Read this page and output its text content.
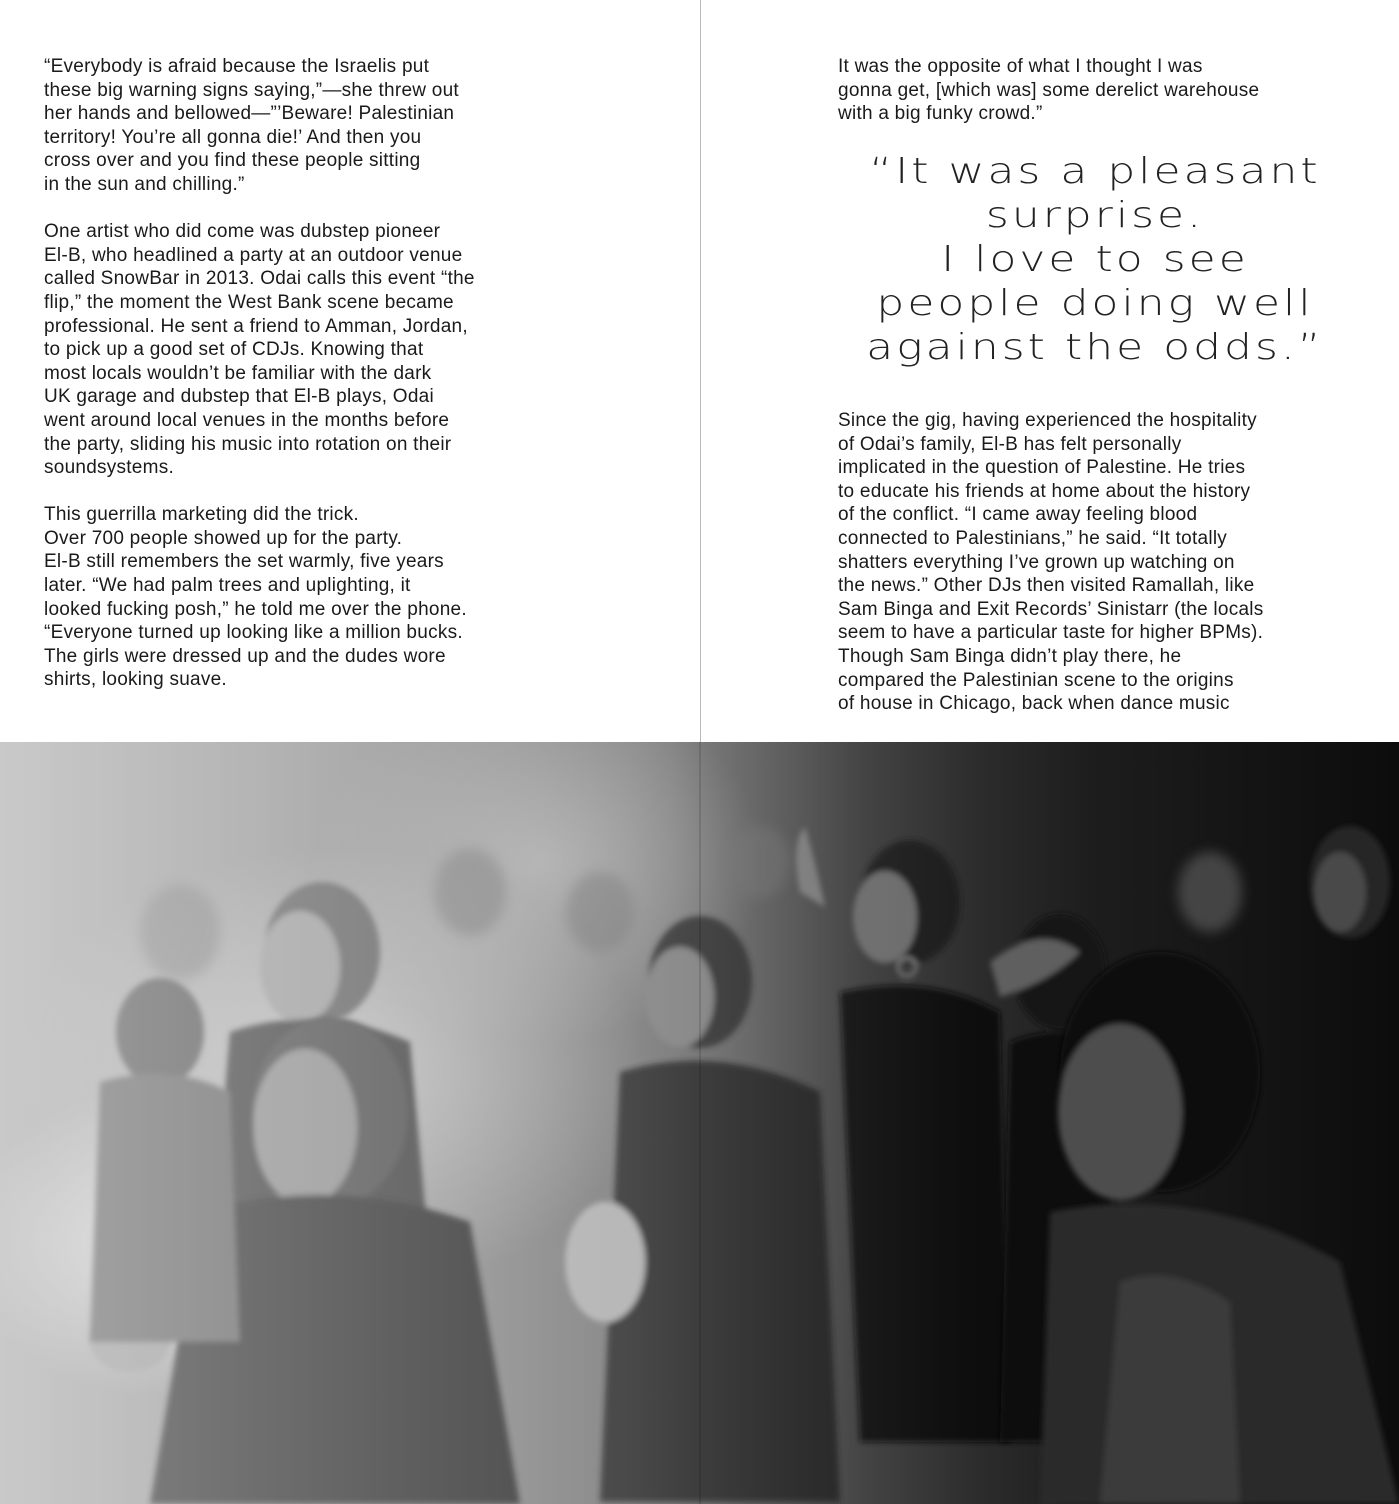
“Everybody is afraid because the Israelis put
these big warning signs saying,”—she threw out
her hands and bellowed—”’Beware! Palestinian
territory! You’re all gonna die!’ And then you
cross over and you find these people sitting
in the sun and chilling.”
One artist who did come was dubstep pioneer
El-B, who headlined a party at an outdoor venue
called SnowBar in 2013. Odai calls this event “the
flip,” the moment the West Bank scene became
professional. He sent a friend to Amman, Jordan,
to pick up a good set of CDJs. Knowing that
most locals wouldn’t be familiar with the dark
UK garage and dubstep that El-B plays, Odai
went around local venues in the months before
the party, sliding his music into rotation on their
soundsystems.
This guerrilla marketing did the trick.
Over 700 people showed up for the party.
El-B still remembers the set warmly, five years
later. “We had palm trees and uplighting, it
looked fucking posh,” he told me over the phone.
“Everyone turned up looking like a million bucks.
The girls were dressed up and the dudes wore
shirts, looking suave.
It was the opposite of what I thought I was
gonna get, [which was] some derelict warehouse
with a big funky crowd.”
“It was a pleasant
surprise.
I love to see
people doing well
against the odds.”
Since the gig, having experienced the hospitality
of Odai’s family, El-B has felt personally
implicated in the question of Palestine. He tries
to educate his friends at home about the history
of the conflict. “I came away feeling blood
connected to Palestinians,” he said. “It totally
shatters everything I’ve grown up watching on
the news.” Other DJs then visited Ramallah, like
Sam Binga and Exit Records’ Sinistarr (the locals
seem to have a particular taste for higher BPMs).
Though Sam Binga didn’t play there, he
compared the Palestinian scene to the origins
of house in Chicago, back when dance music
